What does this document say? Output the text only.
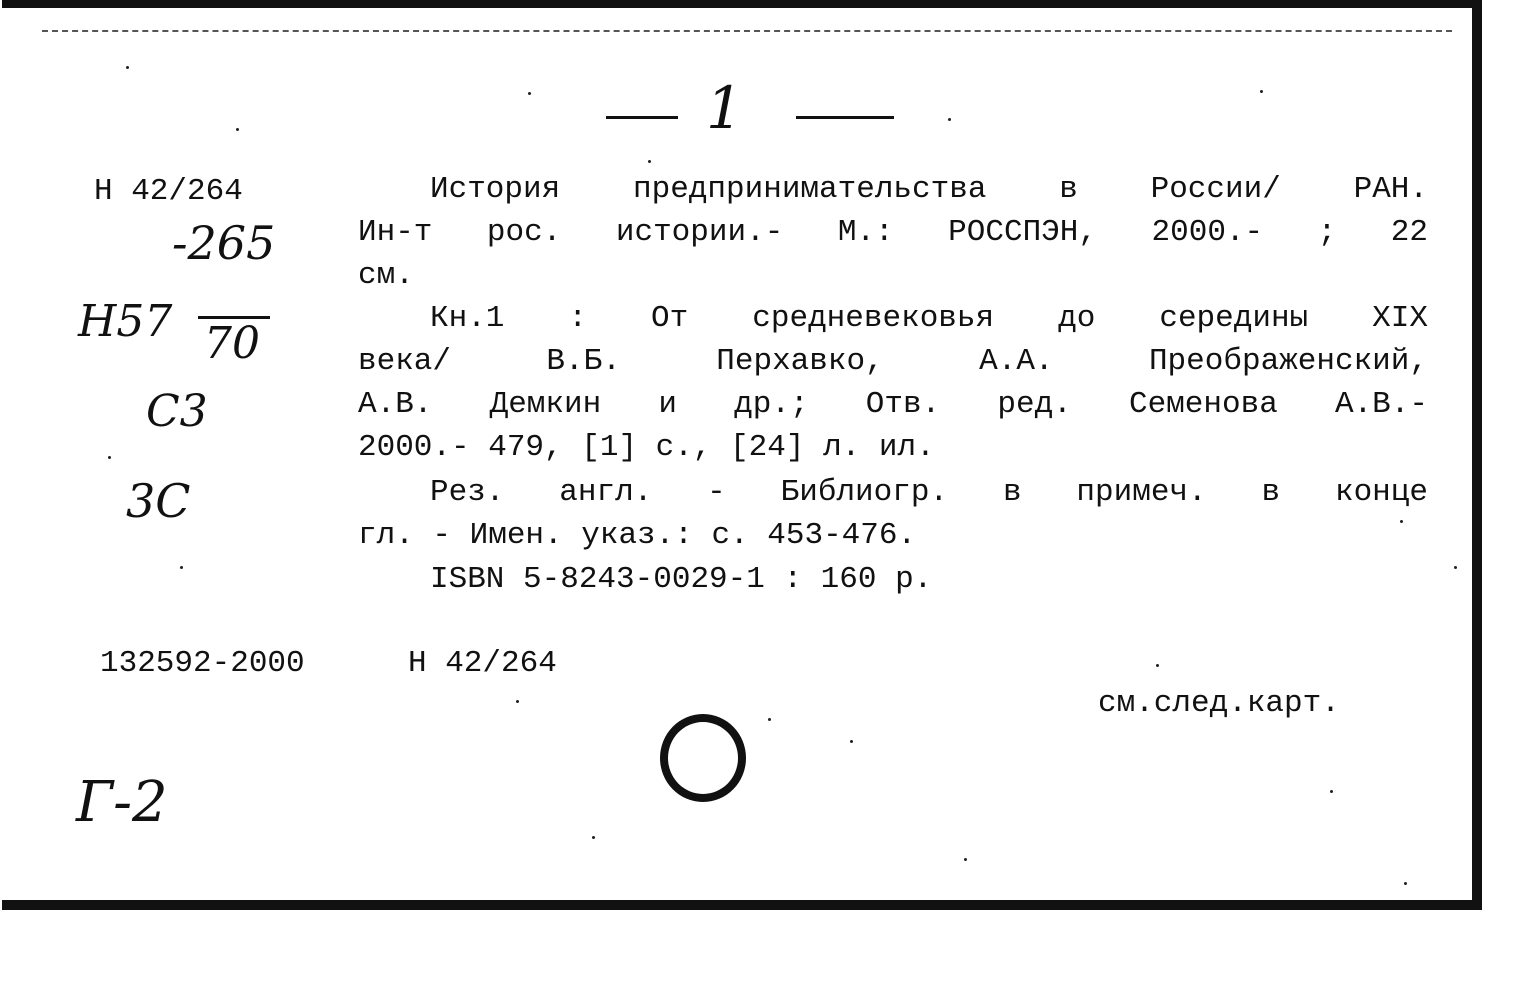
1
Н 42/264
-265
Н57 70
С3
3С
Г-2
История предпринимательства в России/ РАН.
Ин-т рос. истории.- М.: РОССПЭН, 2000.- ; 22
см.
Кн.1 : От средневековья до середины XIX
века/ В.Б. Перхавко, А.А. Преображенский,
А.В. Демкин и др.; Отв. ред. Семенова А.В.-
2000.- 479, [1] с., [24] л. ил.
Рез. англ. - Библиогр. в примеч. в конце
гл. - Имен. указ.: с. 453-476.
ISBN 5-8243-0029-1 : 160 р.
132592-2000	Н 42/264
см.след.карт.
